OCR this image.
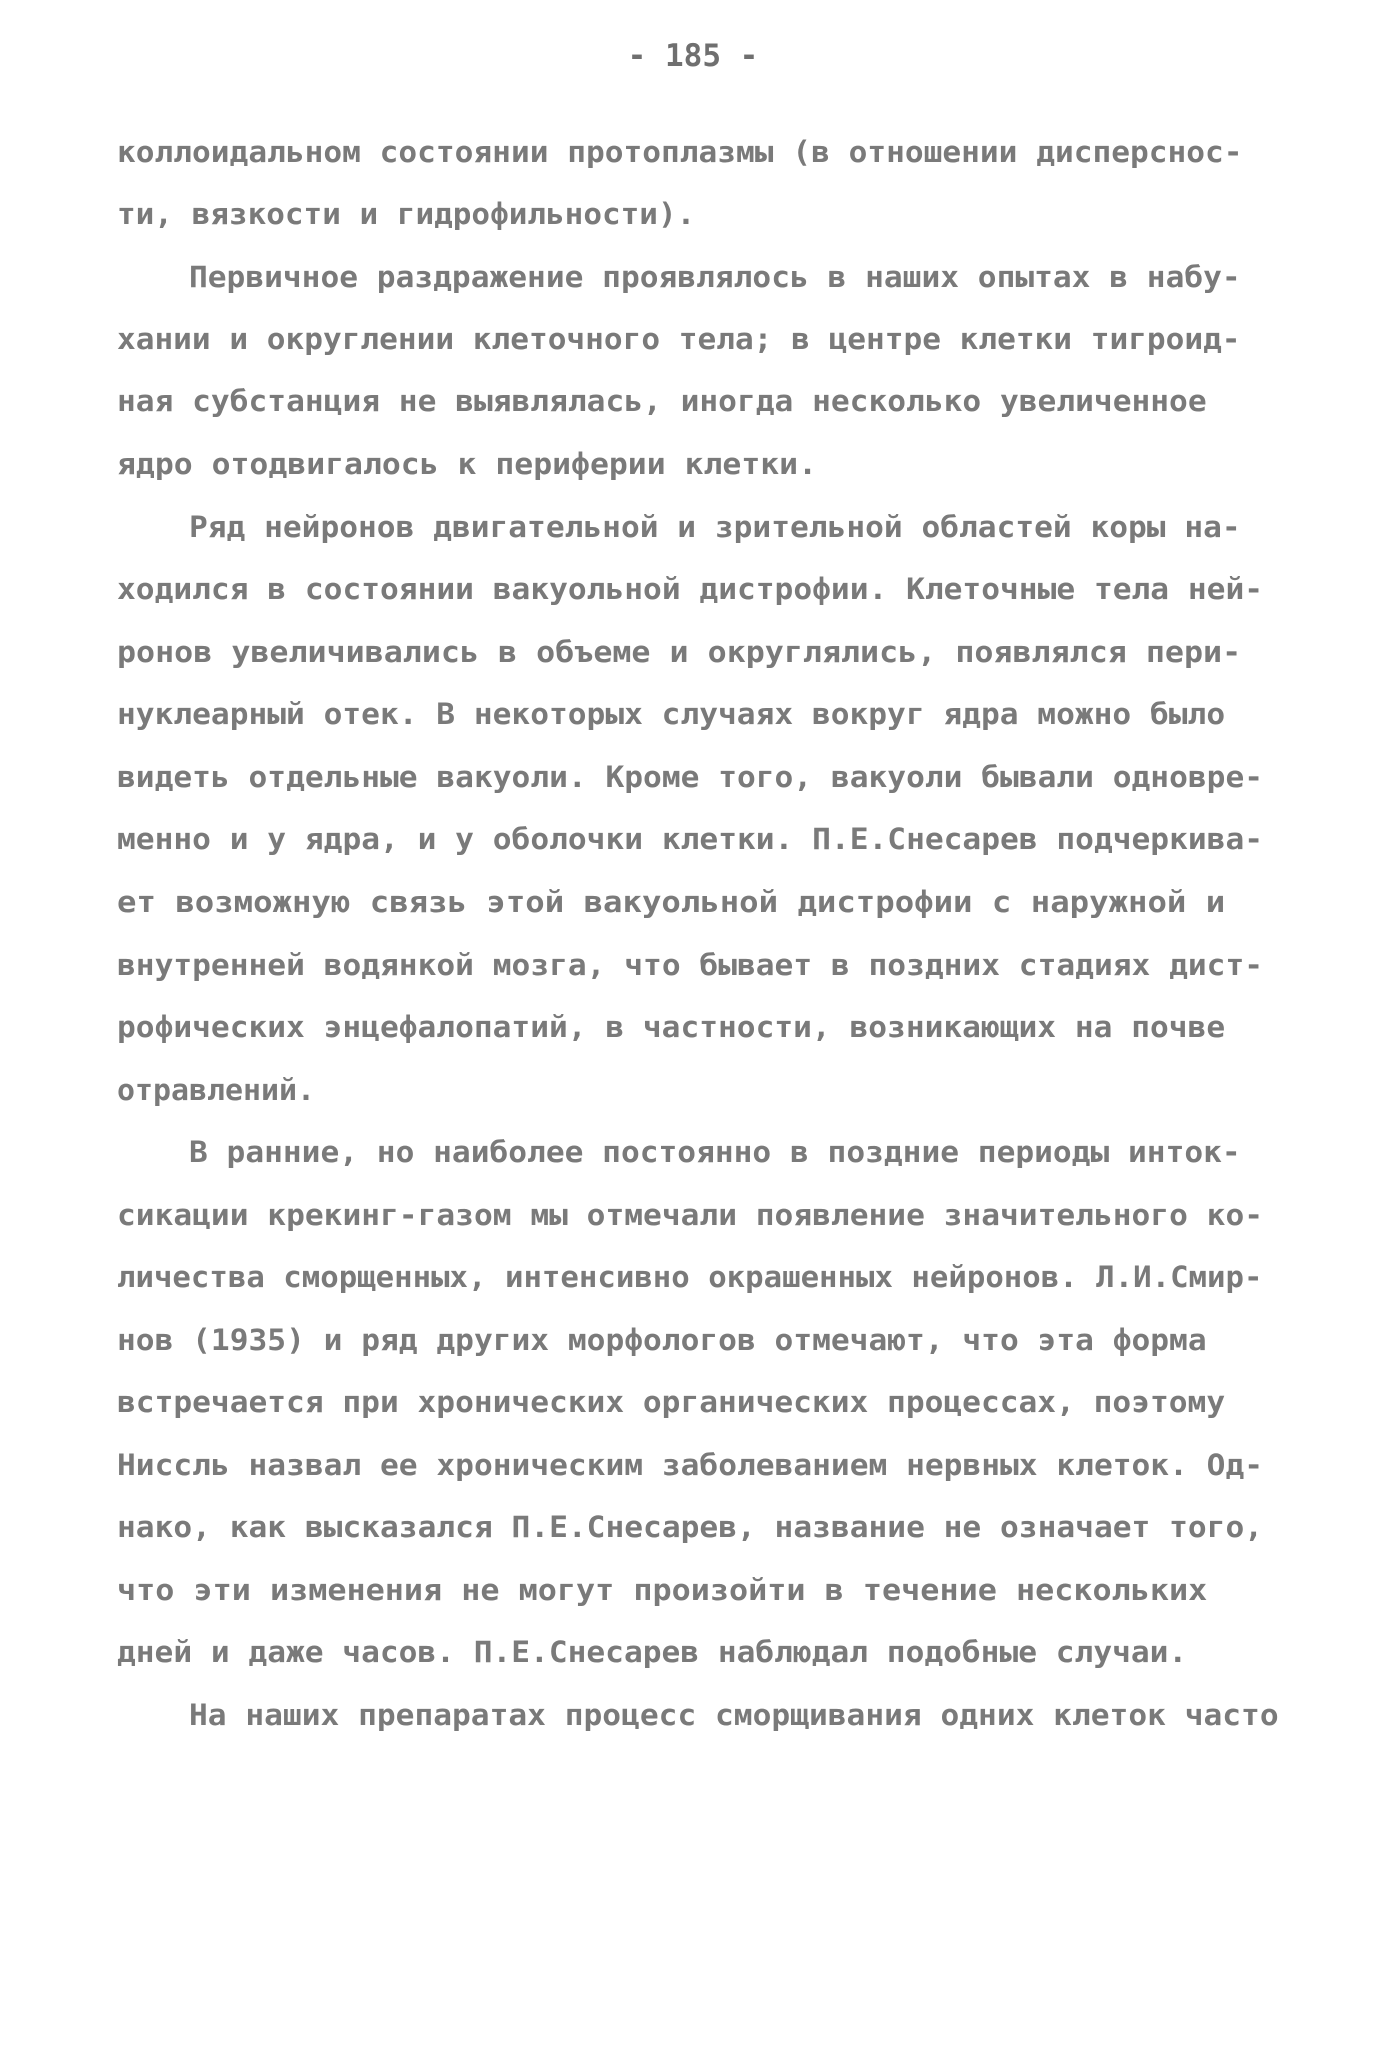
- 185 -
коллоидальном состоянии протоплазмы (в отношении дисперснос-
ти, вязкости и гидрофильности).
Первичное раздражение проявлялось в наших опытах в набу-
хании и округлении клеточного тела; в центре клетки тигроид-
ная субстанция не выявлялась, иногда несколько увеличенное
ядро отодвигалось к периферии клетки.
Ряд нейронов двигательной и зрительной областей коры на-
ходился в состоянии вакуольной дистрофии. Клеточные тела ней-
ронов увеличивались в объеме и округлялись, появлялся пери-
нуклеарный отек. В некоторых случаях вокруг ядра можно было
видеть отдельные вакуоли. Кроме того, вакуоли бывали одновре-
менно и у ядра, и у оболочки клетки. П.Е.Снесарев подчеркива-
ет возможную связь этой вакуольной дистрофии с наружной и
внутренней водянкой мозга, что бывает в поздних стадиях дист-
рофических энцефалопатий, в частности, возникающих на почве
отравлений.
В ранние, но наиболее постоянно в поздние периоды инток-
сикации крекинг-газом мы отмечали появление значительного ко-
личества сморщенных, интенсивно окрашенных нейронов. Л.И.Смир-
нов (1935) и ряд других морфологов отмечают, что эта форма
встречается при хронических органических процессах, поэтому
Ниссль назвал ее хроническим заболеванием нервных клеток. Од-
нако, как высказался П.Е.Снесарев, название не означает того,
что эти изменения не могут произойти в течение нескольких
дней и даже часов. П.Е.Снесарев наблюдал подобные случаи.
На наших препаратах процесс сморщивания одних клеток часто
